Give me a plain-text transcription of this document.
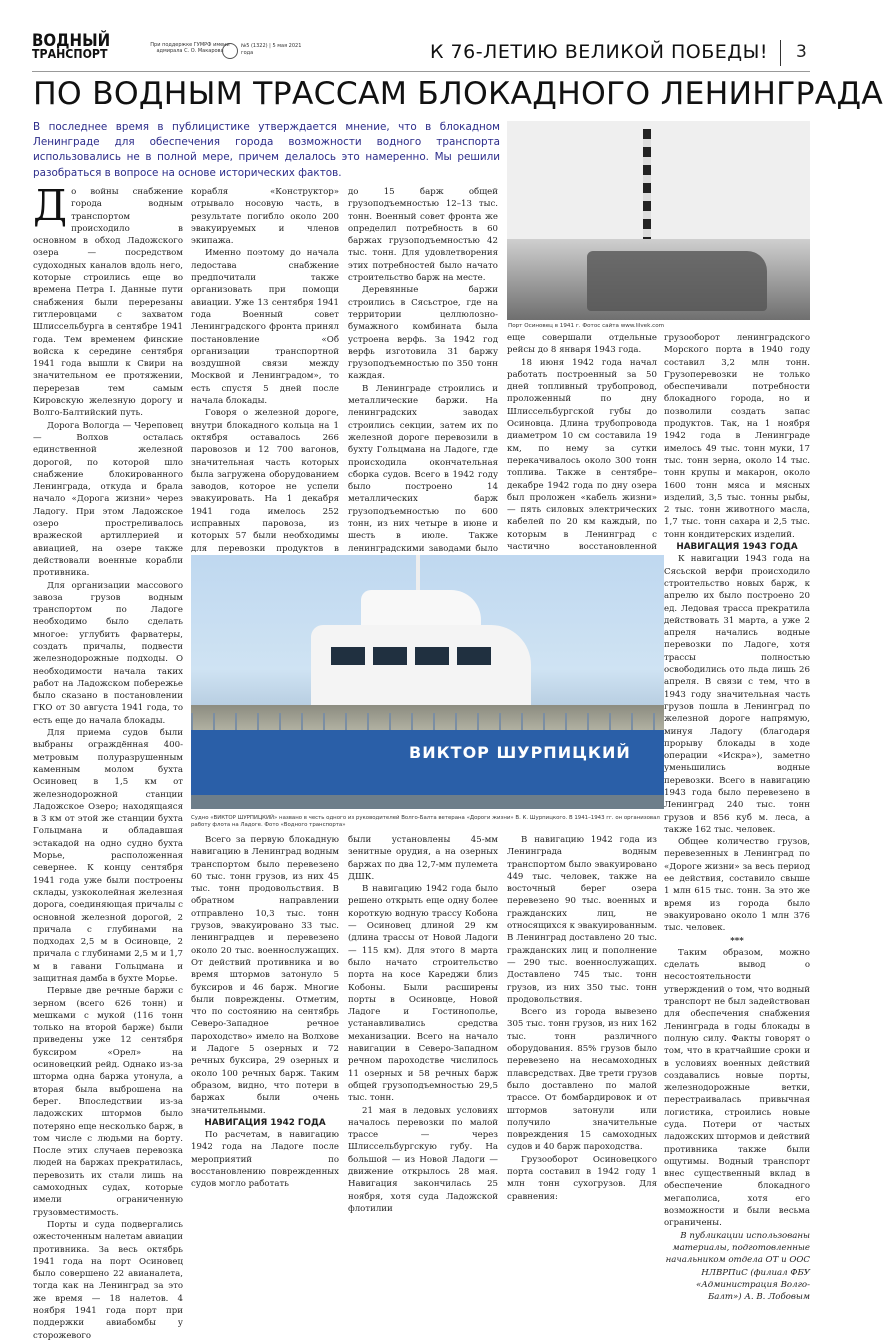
ВОДНЫЙ
ТРАНСПОРТ
При поддержке ГУМРФ имени адмирала С. О. Макарова
№5 (1322) | 5 мая 2021 года	К 76-ЛЕТИЮ ВЕЛИКОЙ ПОБЕДЫ! 3
ПО ВОДНЫМ ТРАССАМ БЛОКАДНОГО ЛЕНИНГРАДА
В последнее время в публицистике утверждается мнение, что в блокадном Ленинграде для обеспечения города возможности водного транспорта использовались не в полной мере, причем делалось это намеренно. Мы решили разобраться в вопросе на основе исторических фактов.
Порт Осиновец в 1941 г. Фотос сайта www.lilvek.com

До войны снабжение города водным транспортом происходило в основном в обход Ладожского озера — посредством судоходных каналов вдоль него, которые строились еще во времена Петра I. Данные пути снабжения были перерезаны гитлеровцами с захватом Шлиссельбурга в сентябре 1941 года. Тем временем финские войска к середине сентября 1941 года вышли к Свири на значительном ее протяжении, перерезав тем самым Кировскую железную дорогу и Волго-Балтийский путь.

Дорога Вологда — Череповец — Волхов осталась единственной железной дорогой, по которой шло снабжение блокированного Ленинграда, откуда и брала начало «Дорога жизни» через Ладогу. При этом Ладожское озеро простреливалось вражеской артиллерией и авиацией, на озере также действовали военные корабли противника.

Для организации массового завоза грузов водным транспортом по Ладоге необходимо было сделать многое: углубить фарватеры, создать причалы, подвести железнодорожные подходы. О необходимости начала таких работ на Ладожском побережье было сказано в постановлении ГКО от 30 августа 1941 года, то есть еще до начала блокады.

Для приема судов были выбраны ограждённая 400-метровым полуразрушенным каменным молом бухта Осиновец в 1,5 км от железнодорожной станции Ладожское Озеро; находящаяся в 3 км от этой же станции бухта Гольцмана и обладавшая эстакадой на одно судно бухта Морье, расположенная севернее. К концу сентября 1941 года уже были построены склады, узкоколейная железная дорога, соединяющая причалы с основной железной дорогой, 2 причала с глубинами на подходах 2,5 м в Осиновце, 2 причала с глубинами 2,5 м и 1,7 м в гавани Гольцмана и защитная дамба в бухте Морье.

Первые две речные баржи с зерном (всего 626 тонн) и мешками с мукой (116 тонн только на второй барже) были приведены уже 12 сентября буксиром «Орел» на осиновецкий рейд. Однако из-за шторма одна баржа утонула, а вторая была выброшена на берег. Впоследствии из-за ладожских штормов было потеряно еще несколько барж, в том числе с людьми на борту. После этих случаев перевозка людей на баржах прекратилась, перевозить их стали лишь на самоходных судах, которые имели ограниченную грузовместимость.

Порты и суда подвергались ожесточенным налетам авиации противника. За весь октябрь 1941 года на порт Осиновец было совершено 22 авианалета, тогда как на Ленинград за это же время — 18 налетов. 4 ноября 1941 года порт при поддержки авиабомбы у сторожевого

корабля «Конструктор» отрывало носовую часть, в результате погибло около 200 эвакуируемых и членов экипажа.

Именно поэтому до начала ледостава снабжение предпочитали также организовать при помощи авиации. Уже 13 сентября 1941 года Военный совет Ленинградского фронта принял постановление «Об организации транспортной воздушной связи между Москвой и Ленинградом», то есть спустя 5 дней после начала блокады.

Говоря о железной дороге, внутри блокадного кольца на 1 октября оставалось 266 паровозов и 12 700 вагонов, значительная часть которых была загружена оборудованием заводов, которое не успели эвакуировать. На 1 декабря 1941 года имелось 252 исправных паровоза, из которых 57 были необходимы для перевозки продуктов в

до 15 барж общей грузоподъемностью 12–13 тыс. тонн. Военный совет фронта же определил потребность в 60 баржах грузоподъемностью 42 тыс. тонн. Для удовлетворения этих потребностей было начато строительство барж на месте.

Деревянные баржи строились в Сясьстрое, где на территории целлюлозно-бумажного комбината была устроена верфь. За 1942 год верфь изготовила 31 баржу грузоподъемностью по 350 тонн каждая.

В Ленинграде строились и металлические баржи. На ленинградских заводах строились секции, затем их по железной дороге перевозили в бухту Гольцмана на Ладоге, где происходила окончательная сборка судов. Всего в 1942 году было построено 14 металлических барж грузоподъемностью по 600 тонн, из них четыре в июне и шесть в июле. Также ленинградскими заводами было

еще совершали отдельные рейсы до 8 января 1943 года.

18 июня 1942 года начал работать построенный за 50 дней топливный трубопровод, проложенный по дну Шлиссельбургской губы до Осиновца. Длина трубопровода диаметром 10 см составила 19 км, по нему за сутки перекачивалось около 300 тонн топлива. Также в сентябре–декабре 1942 года по дну озера был проложен «кабель жизни» — пять силовых электрических кабелей по 20 км каждый, по которым в Ленинград с частично восстановленной

грузооборот ленинградского Морского порта в 1940 году составил 3,2 млн тонн. Грузоперевозки не только обеспечивали потребности блокадного города, но и позволили создать запас продуктов. Так, на 1 ноября 1942 года в Ленинграде имелось 49 тыс. тонн муки, 17 тыс. тонн зерна, около 14 тыс. тонн крупы и макарон, около 1600 тонн мяса и мясных изделий, 3,5 тыс. тонны рыбы, 2 тыс. тонн животного масла, 1,7 тыс. тонн сахара и 2,5 тыс. тонн кондитерских изделий.

НАВИГАЦИЯ 1943 ГОДА

К навигации 1943 года на Сясьской верфи происходило строительство новых барж, к апрелю их было построено 20 ед. Ледовая трасса прекратила действовать 31 марта, а уже 2 апреля начались водные перевозки по Ладоге, хотя трассы полностью освободились ото льда лишь 26 апреля. В связи с тем, что в 1943 году значительная часть грузов пошла в Ленинград по железной дороге напрямую, минуя Ладогу (благодаря прорыву блокады в ходе операции «Искра»), заметно уменьшились водные перевозки. Всего в навигацию 1943 года было перевезено в Ленинград 240 тыс. тонн грузов и 856 куб м. леса, а также 162 тыс. человек.

Общее количество грузов, перевезенных в Ленинград по «Дороге жизни» за весь период ее действия, составило свыше 1 млн 615 тыс. тонн. За это же время из города было эвакуировано около 1 млн 376 тыс. человек.

***

Таким образом, можно сделать вывод о несостоятельности утверждений о том, что водный транспорт не был задействован для обеспечения снабжения Ленинграда в годы блокады в полную силу. Факты говорят о том, что в кратчайшие сроки и в условиях военных действий создавались новые порты, железнодорожные ветки, перестраивалась привычная логистика, строились новые суда. Потери от частых ладожских штормов и действий противника также были ощутимы. Водный транспорт внес существенный вклад в обеспечение блокадного мегаполиса, хотя его возможности и были весьма ограничены.

В публикации использованы материалы, подготовленные начальником отдела ОТ и ООС НЛВРПиС (филиал ФБУ «Администрация Волго-Балт») А. В. Лобовым

ВИКТОР ШУРПИЦКИЙ
Судно «ВИКТОР ШУРПИЦКИЙ» названо в честь одного из руководителей Волго-Балта ветерана «Дороги жизни» В. К. Шурпицкого. В 1941–1943 гг. он организовал работу флота на Ладоге. Фото «Водного транспорта»

Всего за первую блокадную навигацию в Ленинград водным транспортом было перевезено 60 тыс. тонн грузов, из них 45 тыс. тонн продовольствия. В обратном направлении отправлено 10,3 тыс. тонн грузов, эвакуировано 33 тыс. ленинградцев и перевезено около 20 тыс. военнослужащих. От действий противника и во время штормов затонуло 5 буксиров и 46 барж. Многие были повреждены. Отметим, что по состоянию на сентябрь Северо-Западное речное пароходство» имело на Волхове и Ладоге 5 озерных и 72 речных буксира, 29 озерных и около 100 речных барж. Таким образом, видно, что потери в баржах были очень значительными.

НАВИГАЦИЯ 1942 ГОДА

По расчетам, в навигацию 1942 года на Ладоге после мероприятий по восстановлению поврежденных судов могло работать

были установлены 45-мм зенитные орудия, а на озерных баржах по два 12,7-мм пулемета ДШК.

В навигацию 1942 года было решено открыть еще одну более короткую водную трассу Кобона — Осиновец длиной 29 км (длина трассы от Новой Ладоги — 115 км). Для этого 8 марта было начато строительство порта на косе Кареджи близ Кобоны. Были расширены порты в Осиновце, Новой Ладоге и Гостинополье, устанавливались средства механизации. Всего на начало навигации в Северо-Западном речном пароходстве числилось 11 озерных и 58 речных барж общей грузоподъемностью 29,5 тыс. тонн.

21 мая в ледовых условиях началось перевозки по малой трассе — через Шлиссельбургскую губу. На большой — из Новой Ладоги — движение открылось 28 мая. Навигация закончилась 25 ноября, хотя суда Ладожской флотилии

В навигацию 1942 года из Ленинграда водным транспортом было эвакуировано 449 тыс. человек, также на восточный берег озера перевезено 90 тыс. военных и гражданских лиц, не относящихся к эвакуированным. В Ленинград доставлено 20 тыс. гражданских лиц и пополнение — 290 тыс. военнослужащих. Доставлено 745 тыс. тонн грузов, из них 350 тыс. тонн продовольствия.

Всего из города вывезено 305 тыс. тонн грузов, из них 162 тыс. тонн различного оборудования. 85% грузов было перевезено на несамоходных плавсредствах. Две трети грузов было доставлено по малой трассе. От бомбардировок и от штормов затонули или получило значительные повреждения 15 самоходных судов и 40 барж пароходства.

Грузооборот Осиновецкого порта составил в 1942 году 1 млн тонн сухогрузов. Для сравнения:
